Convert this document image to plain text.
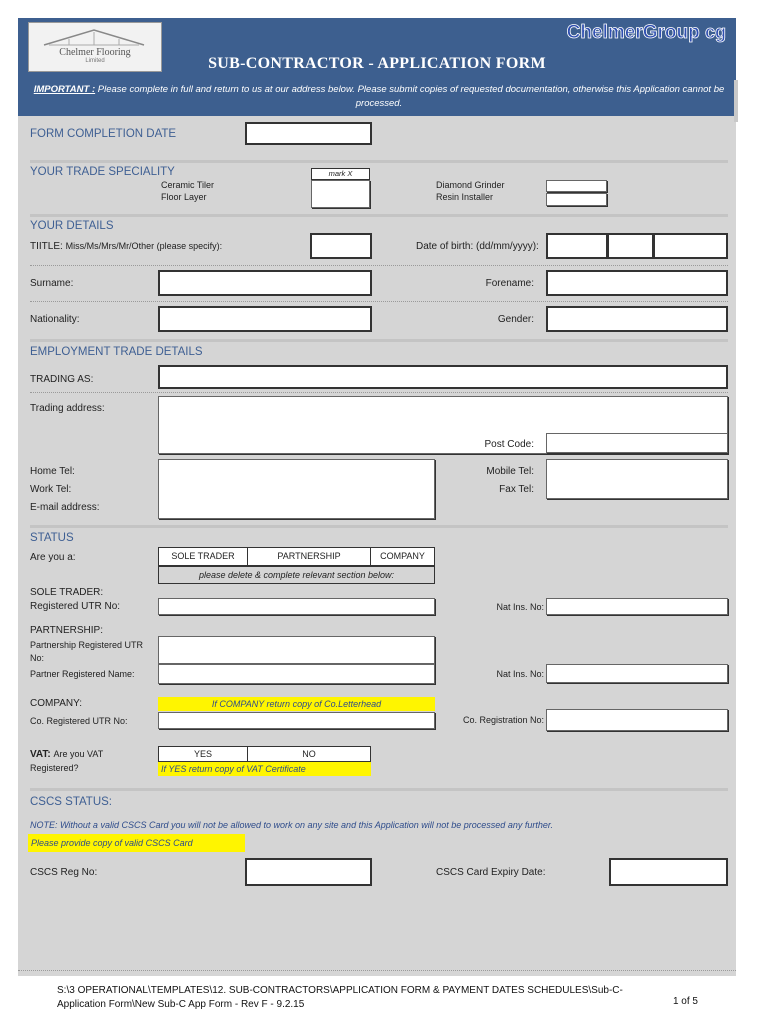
Chelmer Flooring
Limited
ChelmerGroup cg
SUB-CONTRACTOR - APPLICATION FORM
IMPORTANT : Please complete in full and return to us at our address below. Please submit copies of requested documentation, otherwise this Application cannot be processed.
FORM COMPLETION DATE
YOUR TRADE SPECIALITY	mark X
Ceramic Tiler
Floor Layer
Diamond Grinder
Resin Installer
YOUR DETAILS
TIITLE: Miss/Ms/Mrs/Mr/Other (please specify):	Date of birth: (dd/mm/yyyy):
Surname:	Forename:
Nationality:	Gender:
EMPLOYMENT TRADE DETAILS
TRADING AS:
Trading address:
Post Code:
Home Tel:
Work Tel:
E-mail address:
Mobile Tel:
Fax Tel:
STATUS
Are you a:	SOLE TRADER	PARTNERSHIP	COMPANY
please delete & complete relevant section below:
SOLE TRADER:
Registered UTR No:	Nat Ins. No:
PARTNERSHIP:
Partnership Registered UTR No:
Partner Registered Name:	Nat Ins. No:
COMPANY:	If COMPANY return copy of Co.Letterhead
Co. Registered UTR No:	Co. Registration No:
VAT: Are you VAT
Registered?
YES	NO
If YES return copy of VAT Certificate
CSCS STATUS:
NOTE: Without a valid CSCS Card you will not be allowed to work on any site and this Application will not be processed any further.
Please provide copy of valid CSCS Card
CSCS Reg No:	CSCS Card Expiry Date:
S:\3 OPERATIONAL\TEMPLATES\12. SUB-CONTRACTORS\APPLICATION FORM & PAYMENT DATES SCHEDULES\Sub-C-
Application Form\New Sub-C App Form - Rev F - 9.2.15	1 of 5
